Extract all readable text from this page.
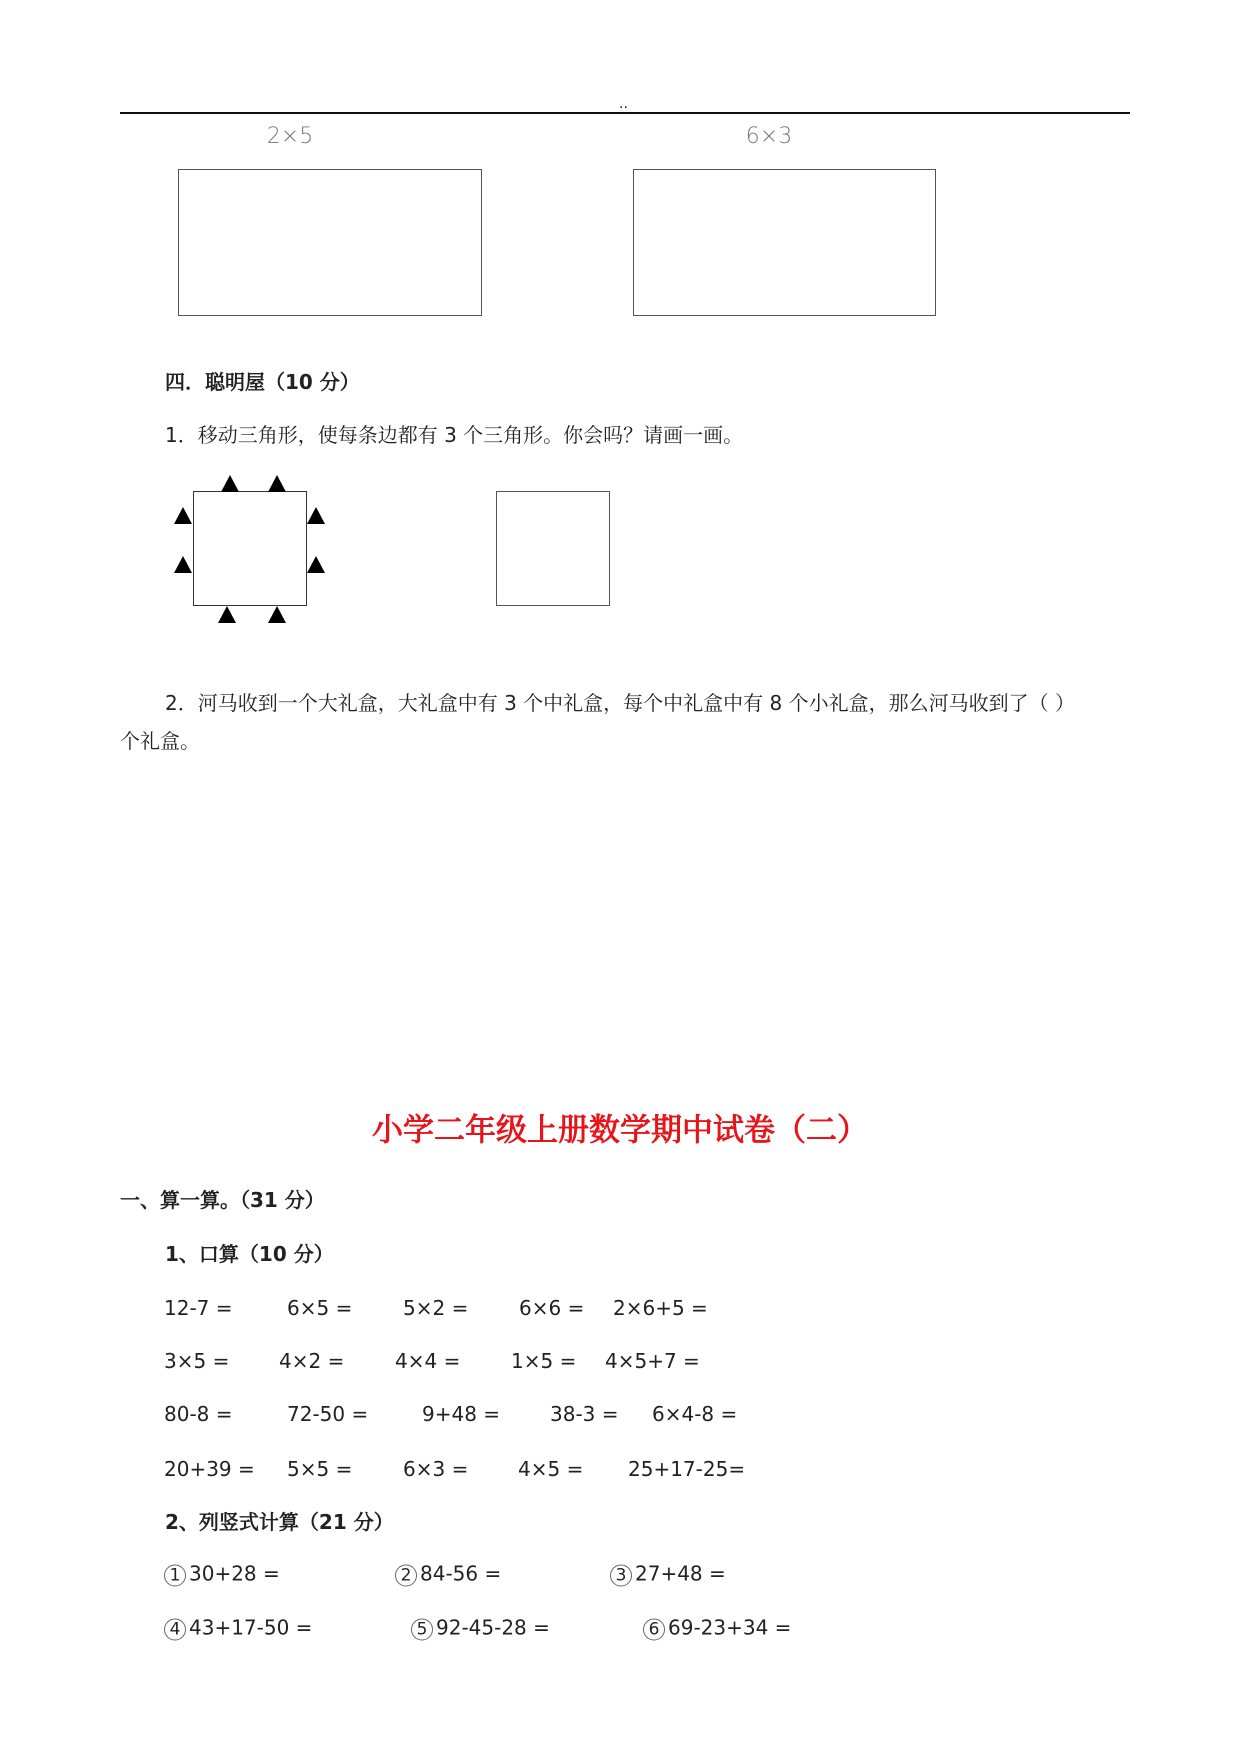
..
2×5	6×3
四．聪明屋（10 分）
1．移动三角形，使每条边都有 3 个三角形。你会吗？请画一画。
2．河马收到一个大礼盒，大礼盒中有 3 个中礼盒，每个中礼盒中有 8 个小礼盒，那么河马收到了（ ）
个礼盒。
小学二年级上册数学期中试卷（二）
一、算一算。（31 分）
1、口算（10 分）
12-7 =	6×5 =	5×2 =	6×6 = 2×6+5 =
3×5 = 4×2 =	4×4 =	1×5 = 4×5+7 =
80-8 =	72-50 =	9+48 = 38-3 = 6×4-8 =
20+39 = 5×5 =	6×3 = 4×5 = 25+17-25=
2、列竖式计算（21 分）
1 30+28 =	2 84-56 =	3 27+48 =
4 43+17-50 =	5 92-45-28 =	6 69-23+34 =
